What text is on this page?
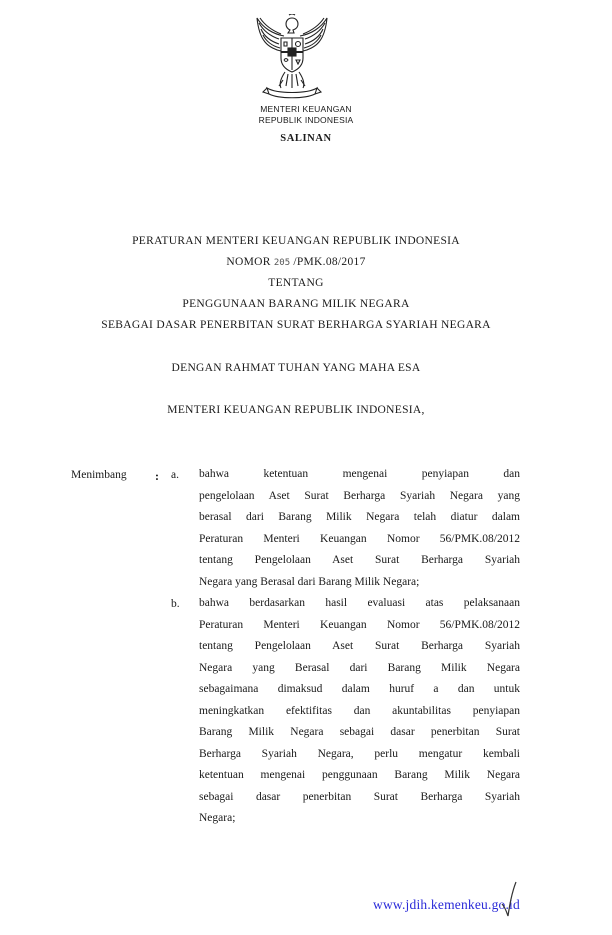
MENTERI KEUANGAN
REPUBLIK INDONESIA
SALINAN
PERATURAN MENTERI KEUANGAN REPUBLIK INDONESIA
NOMOR 205 /PMK.08/2017
TENTANG
PENGGUNAAN BARANG MILIK NEGARA
SEBAGAI DASAR PENERBITAN SURAT BERHARGA SYARIAH NEGARA
DENGAN RAHMAT TUHAN YANG MAHA ESA
MENTERI KEUANGAN REPUBLIK INDONESIA,
Menimbang : a. bahwa ketentuan mengenai penyiapan dan
pengelolaan Aset Surat Berharga Syariah Negara yang
berasal dari Barang Milik Negara telah diatur dalam
Peraturan Menteri Keuangan Nomor 56/PMK.08/2012
tentang Pengelolaan Aset Surat Berharga Syariah
Negara yang Berasal dari Barang Milik Negara;
b. bahwa berdasarkan hasil evaluasi atas pelaksanaan
Peraturan Menteri Keuangan Nomor 56/PMK.08/2012
tentang Pengelolaan Aset Surat Berharga Syariah
Negara yang Berasal dari Barang Milik Negara
sebagaimana dimaksud dalam huruf a dan untuk
meningkatkan efektifitas dan akuntabilitas penyiapan
Barang Milik Negara sebagai dasar penerbitan Surat
Berharga Syariah Negara, perlu mengatur kembali
ketentuan mengenai penggunaan Barang Milik Negara
sebagai dasar penerbitan Surat Berharga Syariah
Negara;
www.jdih.kemenkeu.go.id
